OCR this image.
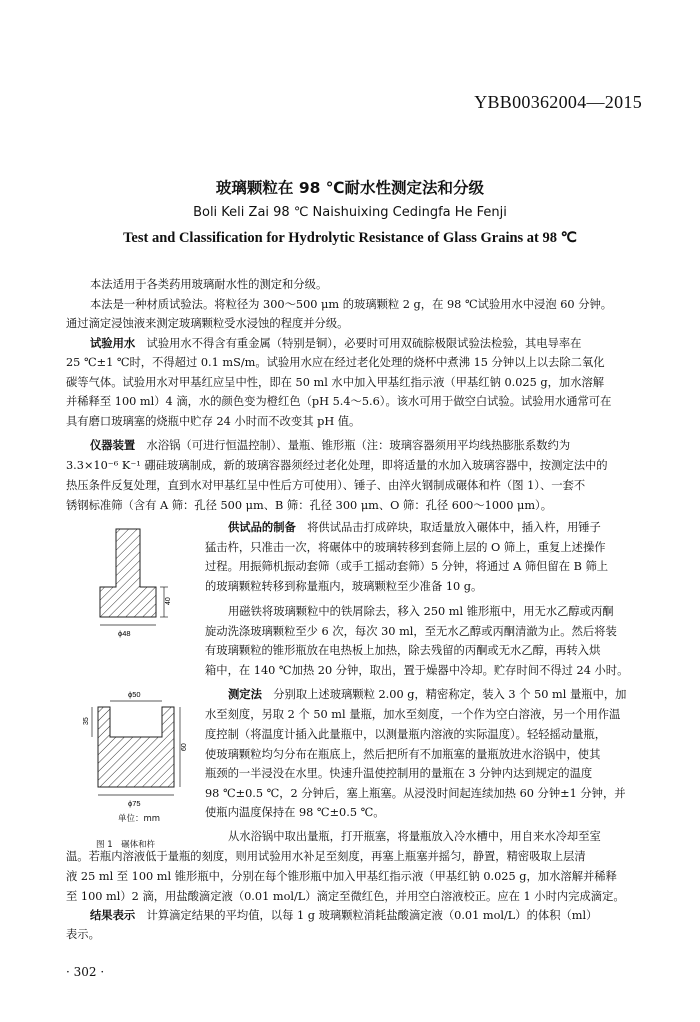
YBB00362004—2015
玻璃颗粒在 98 ℃耐水性测定法和分级
Boli Keli Zai 98 ℃ Naishuixing Cedingfa He Fenji
Test and Classification for Hydrolytic Resistance of Glass Grains at 98 ℃
本法适用于各类药用玻璃耐水性的测定和分级。
本法是一种材质试验法。将粒径为 300～500 μm 的玻璃颗粒 2 g，在 98 ℃试验用水中浸泡 60 分钟。
通过滴定浸蚀液来测定玻璃颗粒受水浸蚀的程度并分级。
试验用水　 试验用水不得含有重金属（特别是铜），必要时可用双硫腙极限试验法检验，其电导率在
25 ℃±1 ℃时，不得超过 0.1 mS/m。试验用水应在经过老化处理的烧杯中煮沸 15 分钟以上以去除二氧化
碳等气体。试验用水对甲基红应呈中性，即在 50 ml 水中加入甲基红指示液（甲基红钠 0.025 g，加水溶解
并稀释至 100 ml）4 滴，水的颜色变为橙红色（pH 5.4～5.6）。该水可用于做空白试验。试验用水通常可在
具有磨口玻璃塞的烧瓶中贮存 24 小时而不改变其 pH 值。
仪器装置　 水浴锅（可进行恒温控制）、量瓶、锥形瓶（注：玻璃容器须用平均线热膨胀系数约为
3.3×10⁻⁶ K⁻¹ 硼硅玻璃制成，新的玻璃容器须经过老化处理，即将适量的水加入玻璃容器中，按测定法中的
热压条件反复处理，直到水对甲基红呈中性后方可使用）、锤子、由淬火钢制成碾体和杵（图 1）、一套不
锈钢标准筛（含有 A 筛：孔径 500 μm、B 筛：孔径 300 μm、O 筛：孔径 600～1000 μm）。
供试品的制备　 将供试品击打成碎块，取适量放入碾体中，插入杵，用锤子
猛击杵，只准击一次，将碾体中的玻璃转移到套筛上层的 O 筛上，重复上述操作
过程。用振筛机振动套筛（或手工摇动套筛）5 分钟，将通过 A 筛但留在 B 筛上
的玻璃颗粒转移到称量瓶内，玻璃颗粒至少准备 10 g。
用磁铁将玻璃颗粒中的铁屑除去，移入 250 ml 锥形瓶中，用无水乙醇或丙酮
旋动洗涤玻璃颗粒至少 6 次，每次 30 ml，至无水乙醇或丙酮清澈为止。然后将装
有玻璃颗粒的锥形瓶放在电热板上加热，除去残留的丙酮或无水乙醇，再转入烘
箱中，在 140 ℃加热 20 分钟，取出，置于燥器中冷却。贮存时间不得过 24 小时。
测定法　 分别取上述玻璃颗粒 2.00 g，精密称定，装入 3 个 50 ml 量瓶中，加
水至刻度，另取 2 个 50 ml 量瓶，加水至刻度，一个作为空白溶液，另一个用作温
度控制（将温度计插入此量瓶中，以测量瓶内溶液的实际温度）。轻轻摇动量瓶，
使玻璃颗粒均匀分布在瓶底上，然后把所有不加瓶塞的量瓶放进水浴锅中，使其
瓶颈的一半浸没在水里。快速升温使控制用的量瓶在 3 分钟内达到规定的温度
98 ℃±0.5 ℃，2 分钟后，塞上瓶塞。从浸没时间起连续加热 60 分钟±1 分钟，并
使瓶内温度保持在 98 ℃±0.5 ℃。
从水浴锅中取出量瓶，打开瓶塞，将量瓶放入冷水槽中，用自来水冷却至室
温。若瓶内溶液低于量瓶的刻度，则用试验用水补足至刻度，再塞上瓶塞并摇匀，静置，精密吸取上层清
液 25 ml 至 100 ml 锥形瓶中，分别在每个锥形瓶中加入甲基红指示液（甲基红钠 0.025 g，加水溶解并稀释
至 100 ml）2 滴，用盐酸滴定液（0.01 mol/L）滴定至微红色，并用空白溶液校正。应在 1 小时内完成滴定。
结果表示　 计算滴定结果的平均值，以每 1 g 玻璃颗粒消耗盐酸滴定液（0.01 mol/L）的体积（ml）
表示。
40
ϕ48
ϕ50
35
60
ϕ75
单位：mm
图 1　碾体和杵
· 302 ·
